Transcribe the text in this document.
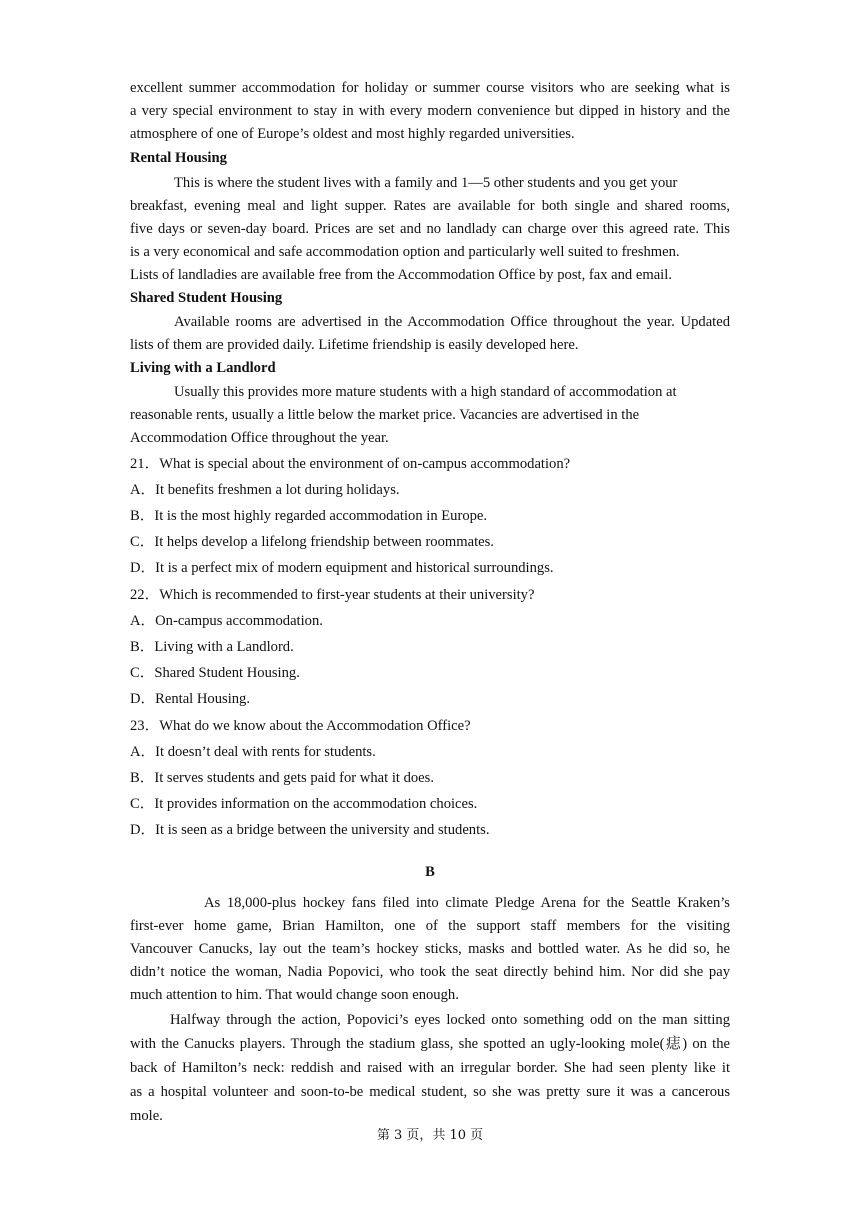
excellent summer accommodation for holiday or summer course visitors who are seeking what is
a very special environment to stay in with every modern convenience but dipped in history and the
atmosphere of one of Europe’s oldest and most highly regarded universities.
Rental Housing
This is where the student lives with a family and 1—5 other students and you get your
breakfast, evening meal and light supper. Rates are available for both single and shared rooms,
five days or seven-day board. Prices are set and no landlady can charge over this agreed rate. This
is a very economical and safe accommodation option and particularly well suited to freshmen.
Lists of landladies are available free from the Accommodation Office by post, fax and email.
Shared Student Housing
Available rooms are advertised in the Accommodation Office throughout the year. Updated
lists of them are provided daily. Lifetime friendship is easily developed here.
Living with a Landlord
Usually this provides more mature students with a high standard of accommodation at
reasonable rents, usually a little below the market price. Vacancies are advertised in the
Accommodation Office throughout the year.
21．What is special about the environment of on-campus accommodation?
A．It benefits freshmen a lot during holidays.
B．It is the most highly regarded accommodation in Europe.
C．It helps develop a lifelong friendship between roommates.
D．It is a perfect mix of modern equipment and historical surroundings.
22．Which is recommended to first-year students at their university?
A．On-campus accommodation.
B．Living with a Landlord.
C．Shared Student Housing.
D．Rental Housing.
23．What do we know about the Accommodation Office?
A．It doesn’t deal with rents for students.
B．It serves students and gets paid for what it does.
C．It provides information on the accommodation choices.
D．It is seen as a bridge between the university and students.
B
As 18,000-plus hockey fans filed into climate Pledge Arena for the Seattle Kraken’s
first-ever home game, Brian Hamilton, one of the support staff members for the visiting
Vancouver Canucks, lay out the team’s hockey sticks, masks and bottled water. As he did so, he
didn’t notice the woman, Nadia Popovici, who took the seat directly behind him. Nor did she pay
much attention to him. That would change soon enough.
Halfway through the action, Popovici’s eyes locked onto something odd on the man sitting
with the Canucks players. Through the stadium glass, she spotted an ugly-looking mole(痣) on the
back of Hamilton’s neck: reddish and raised with an irregular border. She had seen plenty like it
as a hospital volunteer and soon-to-be medical student, so she was pretty sure it was a cancerous
mole.
第 3 页，共 10 页
